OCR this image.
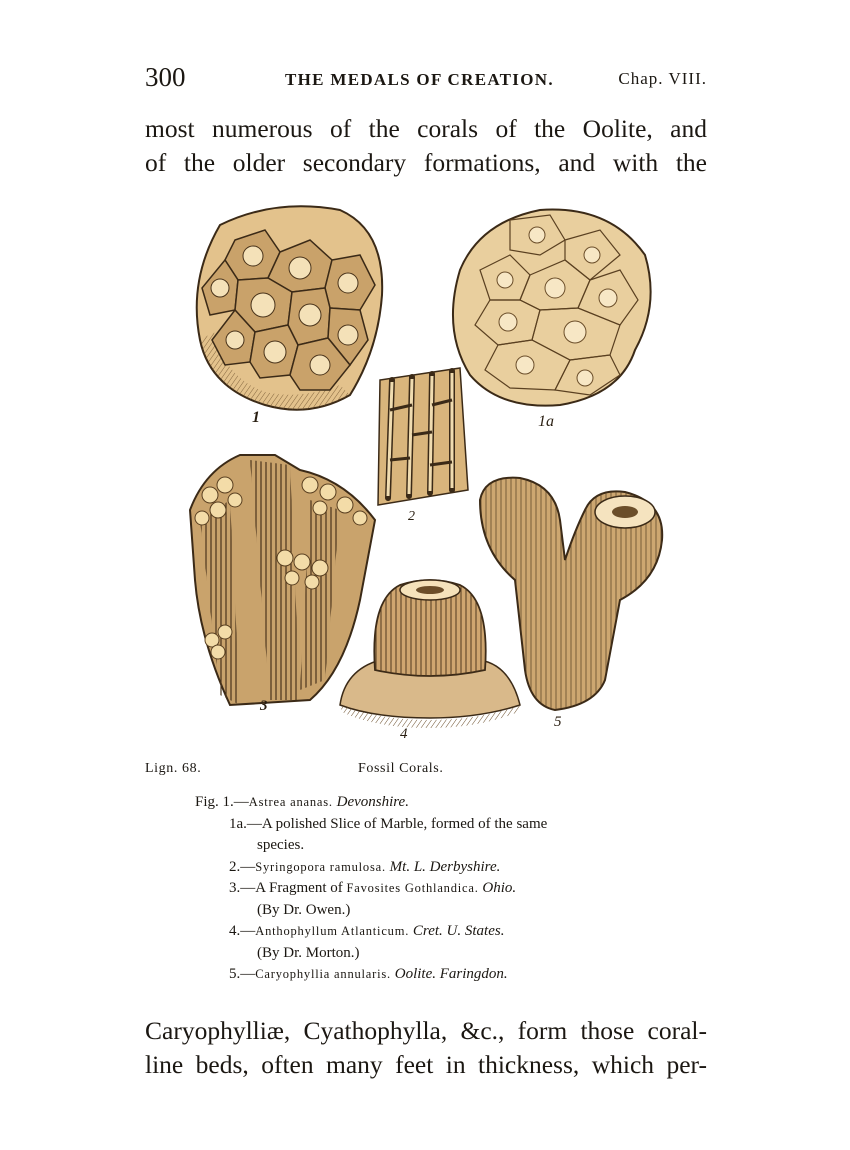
300	THE MEDALS OF CREATION.	Chap. VIII.
most numerous of the corals of the Oolite, and
of the older secondary formations, and with the
1	1a
2
3
4
5
Lign. 68.	Fossil Corals.
Fig. 1.—Astrea ananas. Devonshire.
1a.—A polished Slice of Marble, formed of the same
species.
2.—Syringopora ramulosa. Mt. L. Derbyshire.
3.—A Fragment of Favosites Gothlandica. Ohio.
(By Dr. Owen.)
4.—Anthophyllum Atlanticum. Cret. U. States.
(By Dr. Morton.)
5.—Caryophyllia annularis. Oolite. Faringdon.
Caryophylliæ, Cyathophylla, &c., form those coral-
line beds, often many feet in thickness, which per-
